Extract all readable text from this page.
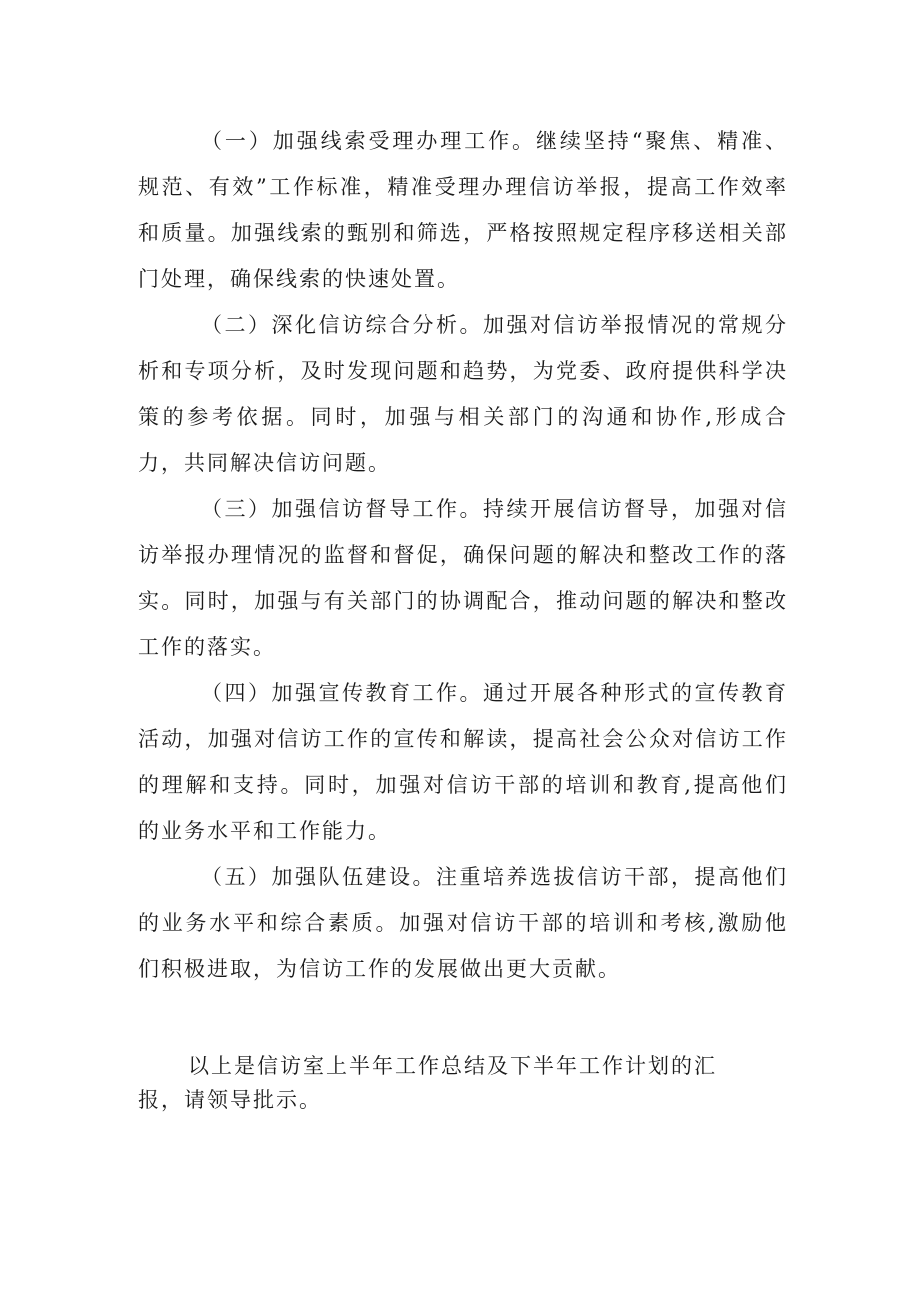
（一）加强线索受理办理工作。继续坚持“聚焦、精准、规范、有效”工作标准，精准受理办理信访举报，提高工作效率和质量。加强线索的甄别和筛选，严格按照规定程序移送相关部门处理，确保线索的快速处置。

（二）深化信访综合分析。加强对信访举报情况的常规分析和专项分析，及时发现问题和趋势，为党委、政府提供科学决策的参考依据。同时，加强与相关部门的沟通和协作,形成合力，共同解决信访问题。

（三）加强信访督导工作。持续开展信访督导，加强对信访举报办理情况的监督和督促，确保问题的解决和整改工作的落实。同时，加强与有关部门的协调配合，推动问题的解决和整改工作的落实。

（四）加强宣传教育工作。通过开展各种形式的宣传教育活动，加强对信访工作的宣传和解读，提高社会公众对信访工作的理解和支持。同时，加强对信访干部的培训和教育,提高他们的业务水平和工作能力。

（五）加强队伍建设。注重培养选拔信访干部，提高他们的业务水平和综合素质。加强对信访干部的培训和考核,激励他们积极进取，为信访工作的发展做出更大贡献。

以上是信访室上半年工作总结及下半年工作计划的汇报，请领导批示。
